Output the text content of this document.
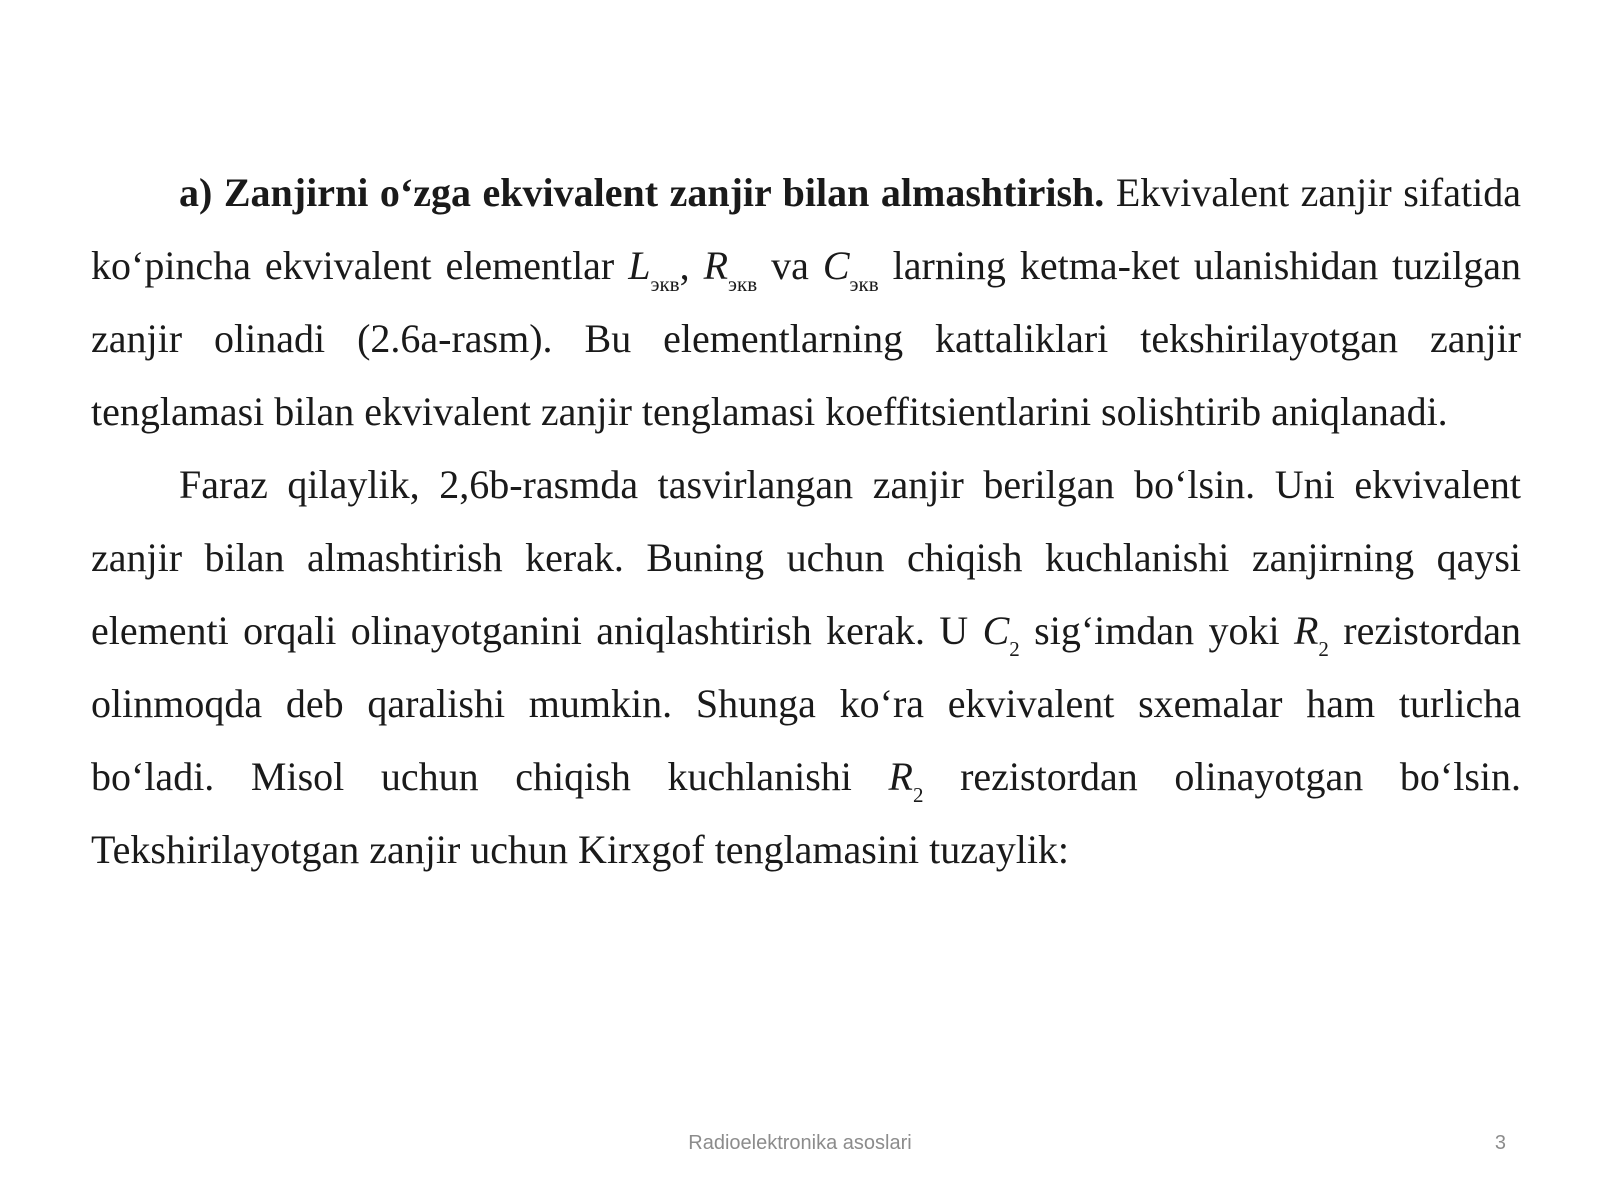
a) Zanjirni o‘zga ekvivalent zanjir bilan almashtirish. Ekvivalent zanjir sifatida ko‘pincha ekvivalent elementlar $L_{экв}$, $R_{экв}$ va $C_{экв}$ larning ketma-ket ulanishidan tuzilgan zanjir olinadi (2.6a-rasm). Bu elementlarning kattaliklari tekshirilayotgan zanjir tenglamasi bilan ekvivalent zanjir tenglamasi koeffitsientlarini solishtirib aniqlanadi.

Faraz qilaylik, 2,6b-rasmda tasvirlangan zanjir berilgan bo‘lsin. Uni ekvivalent zanjir bilan almashtirish kerak. Buning uchun chiqish kuchlanishi zanjirning qaysi elementi orqali olinayotganini aniqlashtirish kerak. U $C_2$ sig‘imdan yoki $R_2$ rezistordan olinmoqda deb qaralishi mumkin. Shunga ko‘ra ekvivalent sxemalar ham turlicha bo‘ladi. Misol uchun chiqish kuchlanishi $R_2$ rezistordan olinayotgan bo‘lsin. Tekshirilayotgan zanjir uchun Kirxgof tenglamasini tuzaylik:

Radioelektronika asoslari	3
